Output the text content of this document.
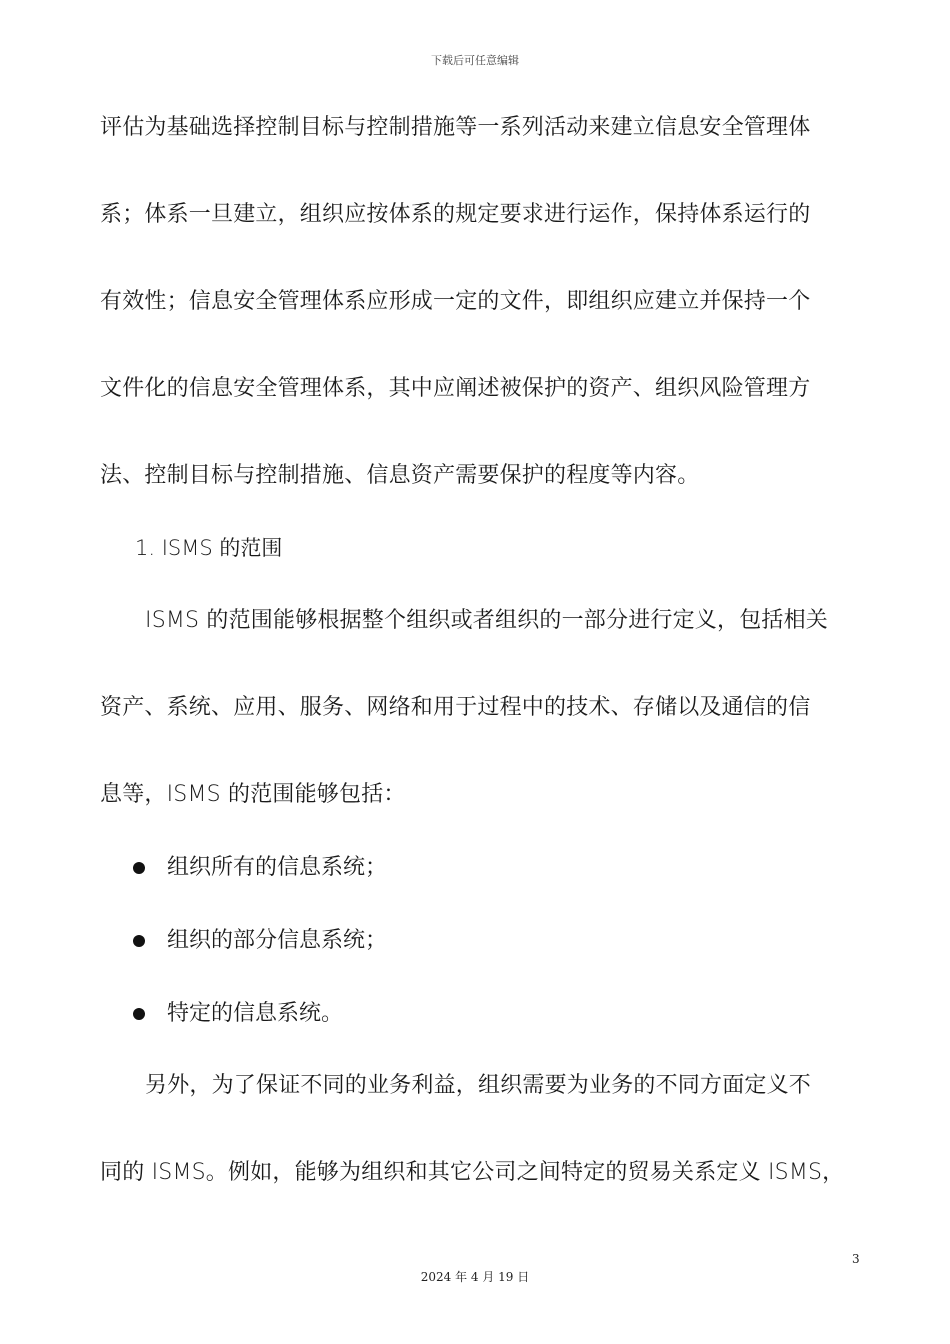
下载后可任意编辑
评估为基础选择控制目标与控制措施等一系列活动来建立信息安全管理体
系；体系一旦建立，组织应按体系的规定要求进行运作，保持体系运行的
有效性；信息安全管理体系应形成一定的文件，即组织应建立并保持一个
文件化的信息安全管理体系，其中应阐述被保护的资产、组织风险管理方
法、控制目标与控制措施、信息资产需要保护的程度等内容。
1. ISMS 的范围
ISMS 的范围能够根据整个组织或者组织的一部分进行定义，包括相关
资产、系统、应用、服务、网络和用于过程中的技术、存储以及通信的信
息等，ISMS 的范围能够包括：
组织所有的信息系统；
组织的部分信息系统；
特定的信息系统。
另外，为了保证不同的业务利益，组织需要为业务的不同方面定义不
同的 ISMS。例如，能够为组织和其它公司之间特定的贸易关系定义 ISMS，
3
2024 年 4 月 19 日
